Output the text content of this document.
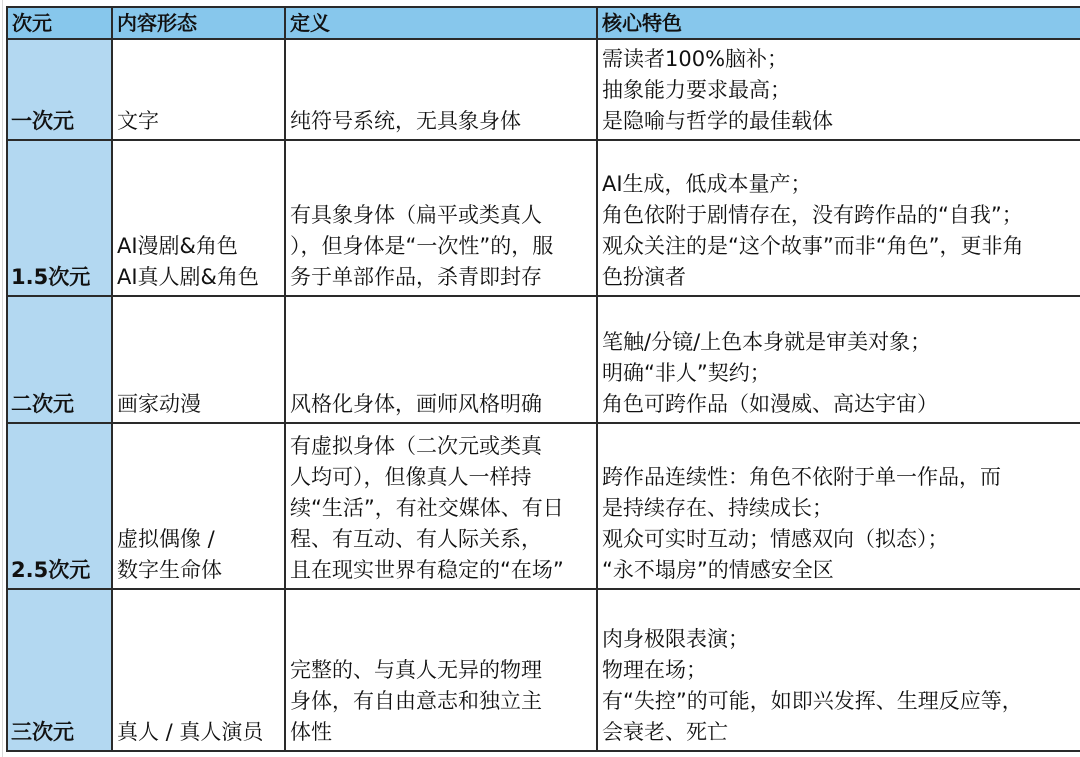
次元	内容形态	定义	核心特色
一次元	文字	纯符号系统，无具象身体	需读者100%脑补；
抽象能力要求最高；
是隐喻与哲学的最佳载体

1.5次元	AI漫剧&角色
AI真人剧&角色	有具象身体（扁平或类真人
），但身体是“一次性”的，服
务于单部作品，杀青即封存	AI生成，低成本量产；
角色依附于剧情存在，没有跨作品的“自我”；
观众关注的是“这个故事”而非“角色”，更非角
色扮演者

二次元	画家动漫	风格化身体，画师风格明确	笔触/分镜/上色本身就是审美对象；
明确“非人”契约；
角色可跨作品（如漫威、高达宇宙）

2.5次元	虚拟偶像 /
数字生命体	有虚拟身体（二次元或类真
人均可），但像真人一样持
续“生活”，有社交媒体、有日
程、有互动、有人际关系，
且在现实世界有稳定的“在场”	跨作品连续性：角色不依附于单一作品，而
是持续存在、持续成长；
观众可实时互动；情感双向（拟态）；
“永不塌房”的情感安全区

三次元	真人 / 真人演员	完整的、与真人无异的物理
身体，有自由意志和独立主
体性	肉身极限表演；
物理在场；
有“失控”的可能，如即兴发挥、生理反应等，
会衰老、死亡
